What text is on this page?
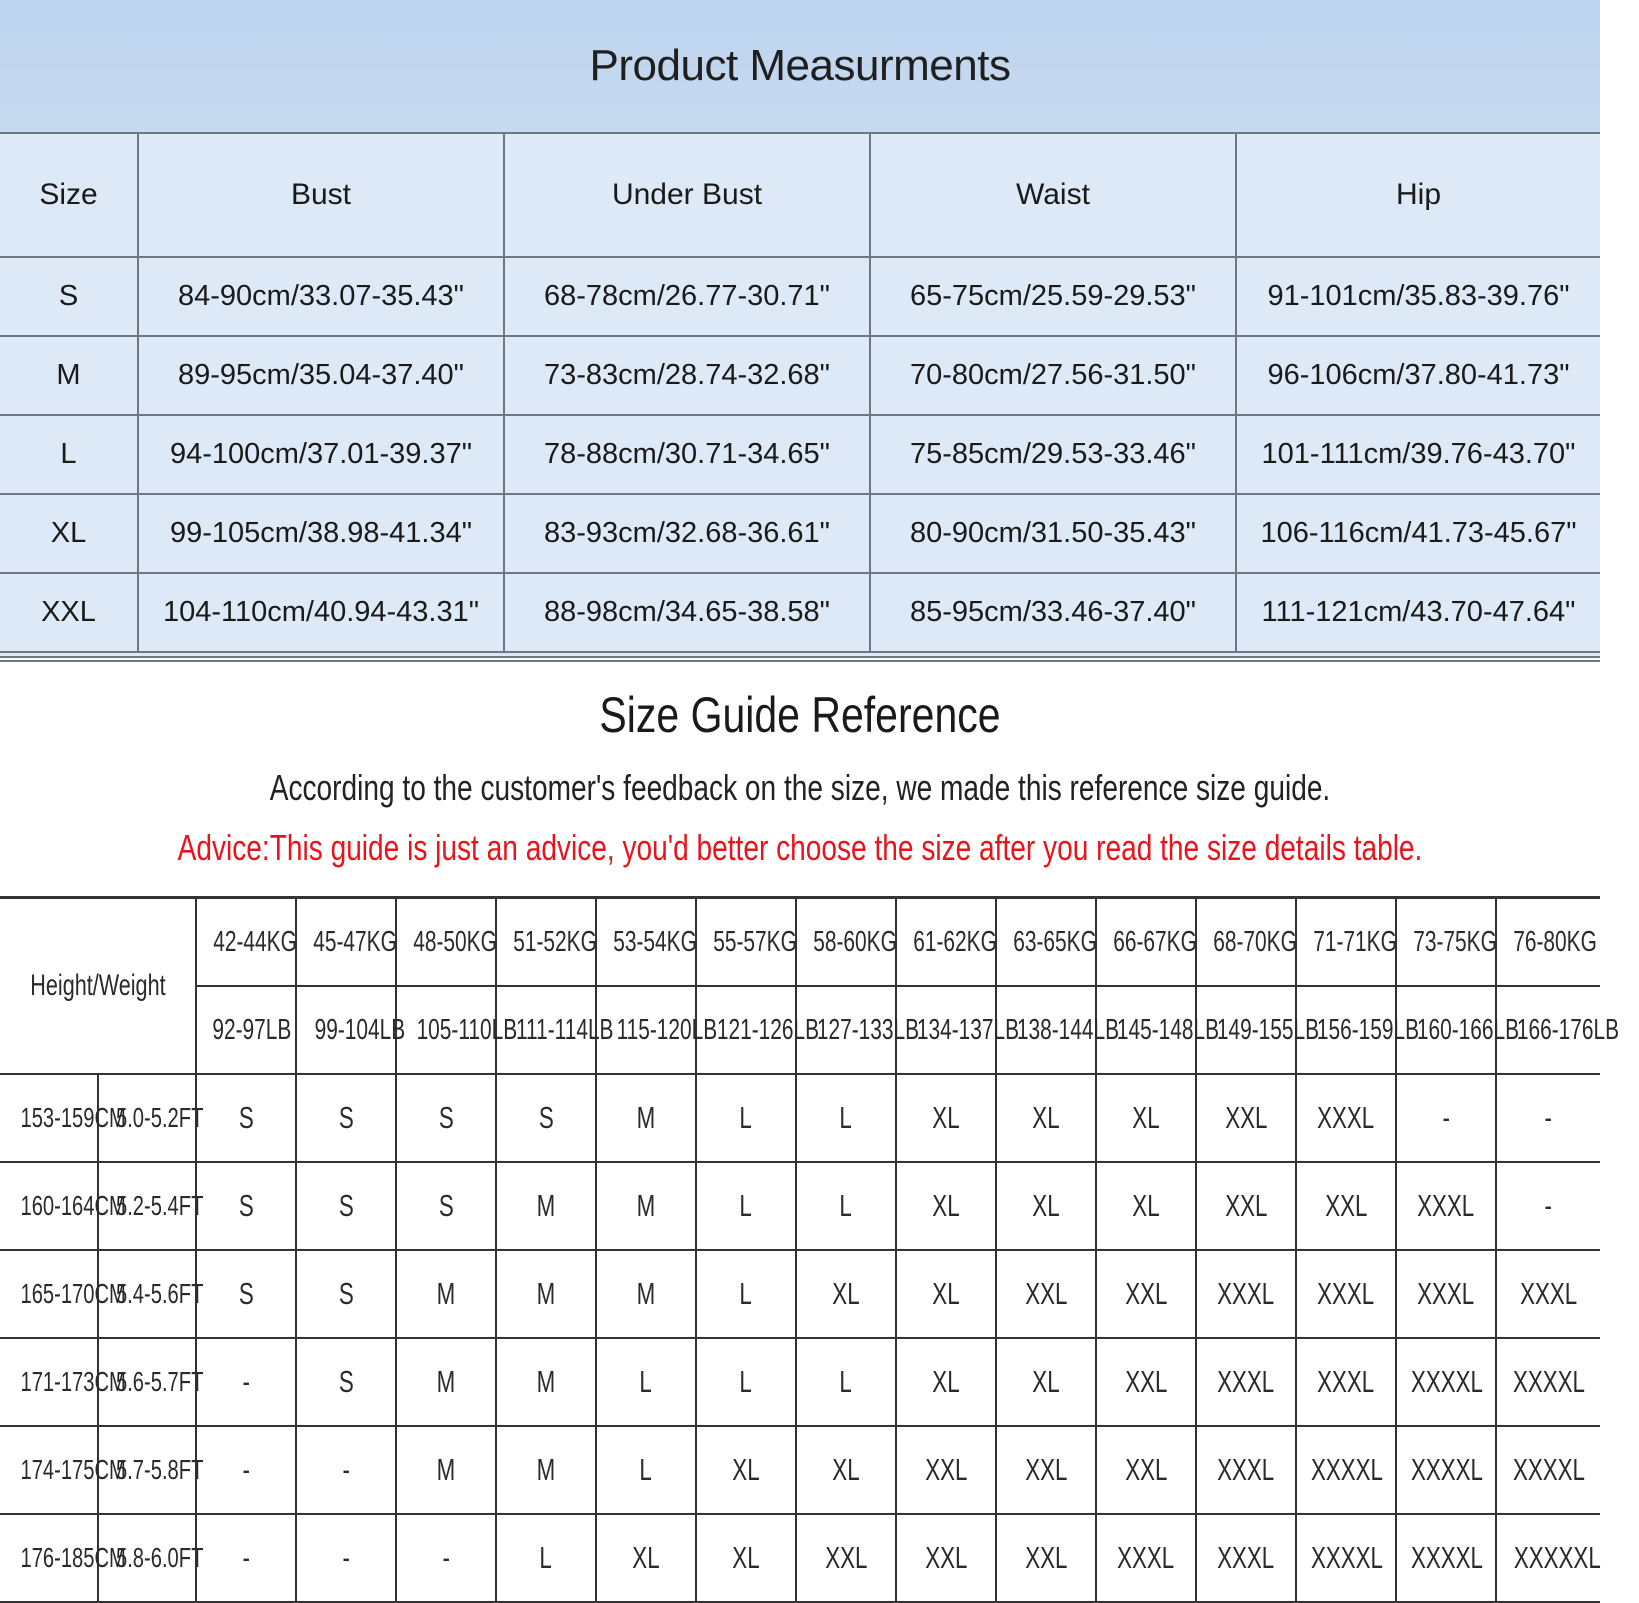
Product Measurments
Size	Bust	Under Bust	Waist	Hip
S	84-90cm/33.07-35.43"	68-78cm/26.77-30.71"	65-75cm/25.59-29.53"	91-101cm/35.83-39.76"
M	89-95cm/35.04-37.40"	73-83cm/28.74-32.68"	70-80cm/27.56-31.50"	96-106cm/37.80-41.73"
L	94-100cm/37.01-39.37"	78-88cm/30.71-34.65"	75-85cm/29.53-33.46"	101-111cm/39.76-43.70"
XL	99-105cm/38.98-41.34"	83-93cm/32.68-36.61"	80-90cm/31.50-35.43"	106-116cm/41.73-45.67"
XXL	104-110cm/40.94-43.31"	88-98cm/34.65-38.58"	85-95cm/33.46-37.40"	111-121cm/43.70-47.64"
Size Guide Reference
According to the customer's feedback on the size, we made this reference size guide.
Advice:This guide is just an advice, you'd better choose the size after you read the size details table.
Height/Weight		42-44KG	45-47KG	48-50KG	51-52KG	53-54KG	55-57KG	58-60KG	61-62KG	63-65KG	66-67KG	68-70KG	71-71KG	73-75KG	76-80KG
		92-97LB	99-104LB	105-110LB	111-114LB	115-120LB	121-126LB	127-133LB	134-137LB	138-144LB	145-148LB	149-155LB	156-159LB	160-166LB	166-176LB
153-159CM	5.0-5.2FT	S	S	S	S	M	L	L	XL	XL	XL	XXL	XXXL	-	-
160-164CM	5.2-5.4FT	S	S	S	M	M	L	L	XL	XL	XL	XXL	XXL	XXXL	-
165-170CM	5.4-5.6FT	S	S	M	M	M	L	XL	XL	XXL	XXL	XXXL	XXXL	XXXL	XXXL
171-173CM	5.6-5.7FT	-	S	M	M	L	L	L	XL	XL	XXL	XXXL	XXXL	XXXXL	XXXXL
174-175CM	5.7-5.8FT	-	-	M	M	L	XL	XL	XXL	XXL	XXL	XXXL	XXXXL	XXXXL	XXXXL
176-185CM	5.8-6.0FT	-	-	-	L	XL	XL	XXL	XXL	XXL	XXXL	XXXL	XXXXL	XXXXL	XXXXXL
